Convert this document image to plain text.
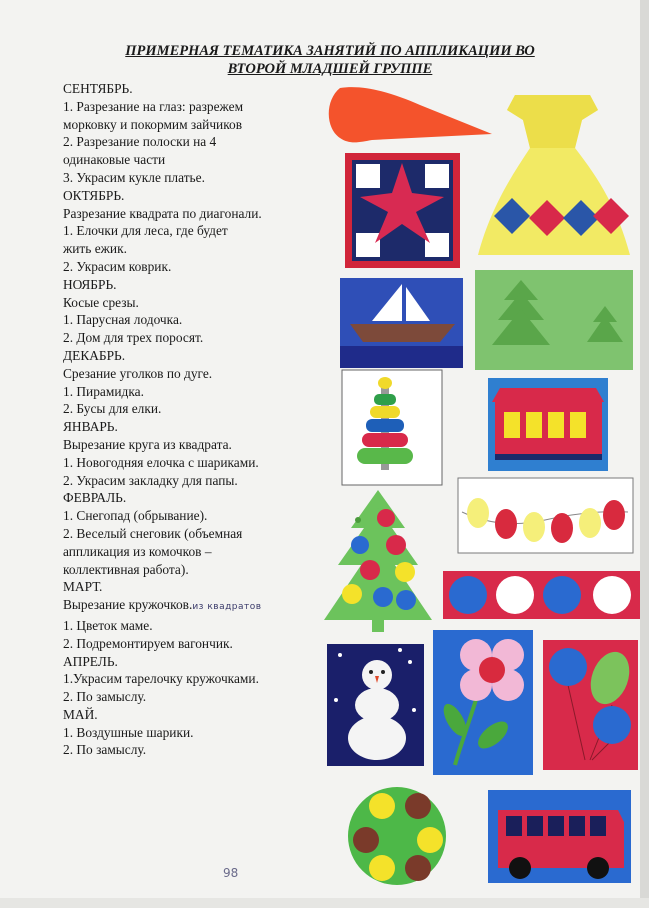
ПРИМЕРНАЯ ТЕМАТИКА ЗАНЯТИЙ ПО АППЛИКАЦИИ ВО
ВТОРОЙ МЛАДШЕЙ ГРУППЕ
СЕНТЯБРЬ.
1. Разрезание на глаз: разрежем
морковку и покормим зайчиков
2. Разрезание полоски на 4
одинаковые части
3. Украсим кукле платье.
ОКТЯБРЬ.
Разрезание квадрата по диагонали.
1. Елочки для леса, где будет
жить ежик.
2. Украсим коврик.
НОЯБРЬ.
Косые срезы.
1. Парусная лодочка.
2. Дом для трех поросят.
ДЕКАБРЬ.
Срезание уголков по дуге.
1. Пирамидка.
2. Бусы для елки.
ЯНВАРЬ.
Вырезание круга из квадрата.
1. Новогодняя елочка с шариками.
2. Украсим закладку для папы.
ФЕВРАЛЬ.
1. Снегопад (обрывание).
2. Веселый снеговик (объемная
аппликация из комочков –
коллективная работа).
МАРТ.
Вырезание кружочков.из квадратов
1. Цветок маме.
2. Подремонтируем вагончик.
АПРЕЛЬ.
1.Украсим тарелочку кружочками.
2. По замыслу.
МАЙ.
1. Воздушные шарики.
2. По замыслу.
98
